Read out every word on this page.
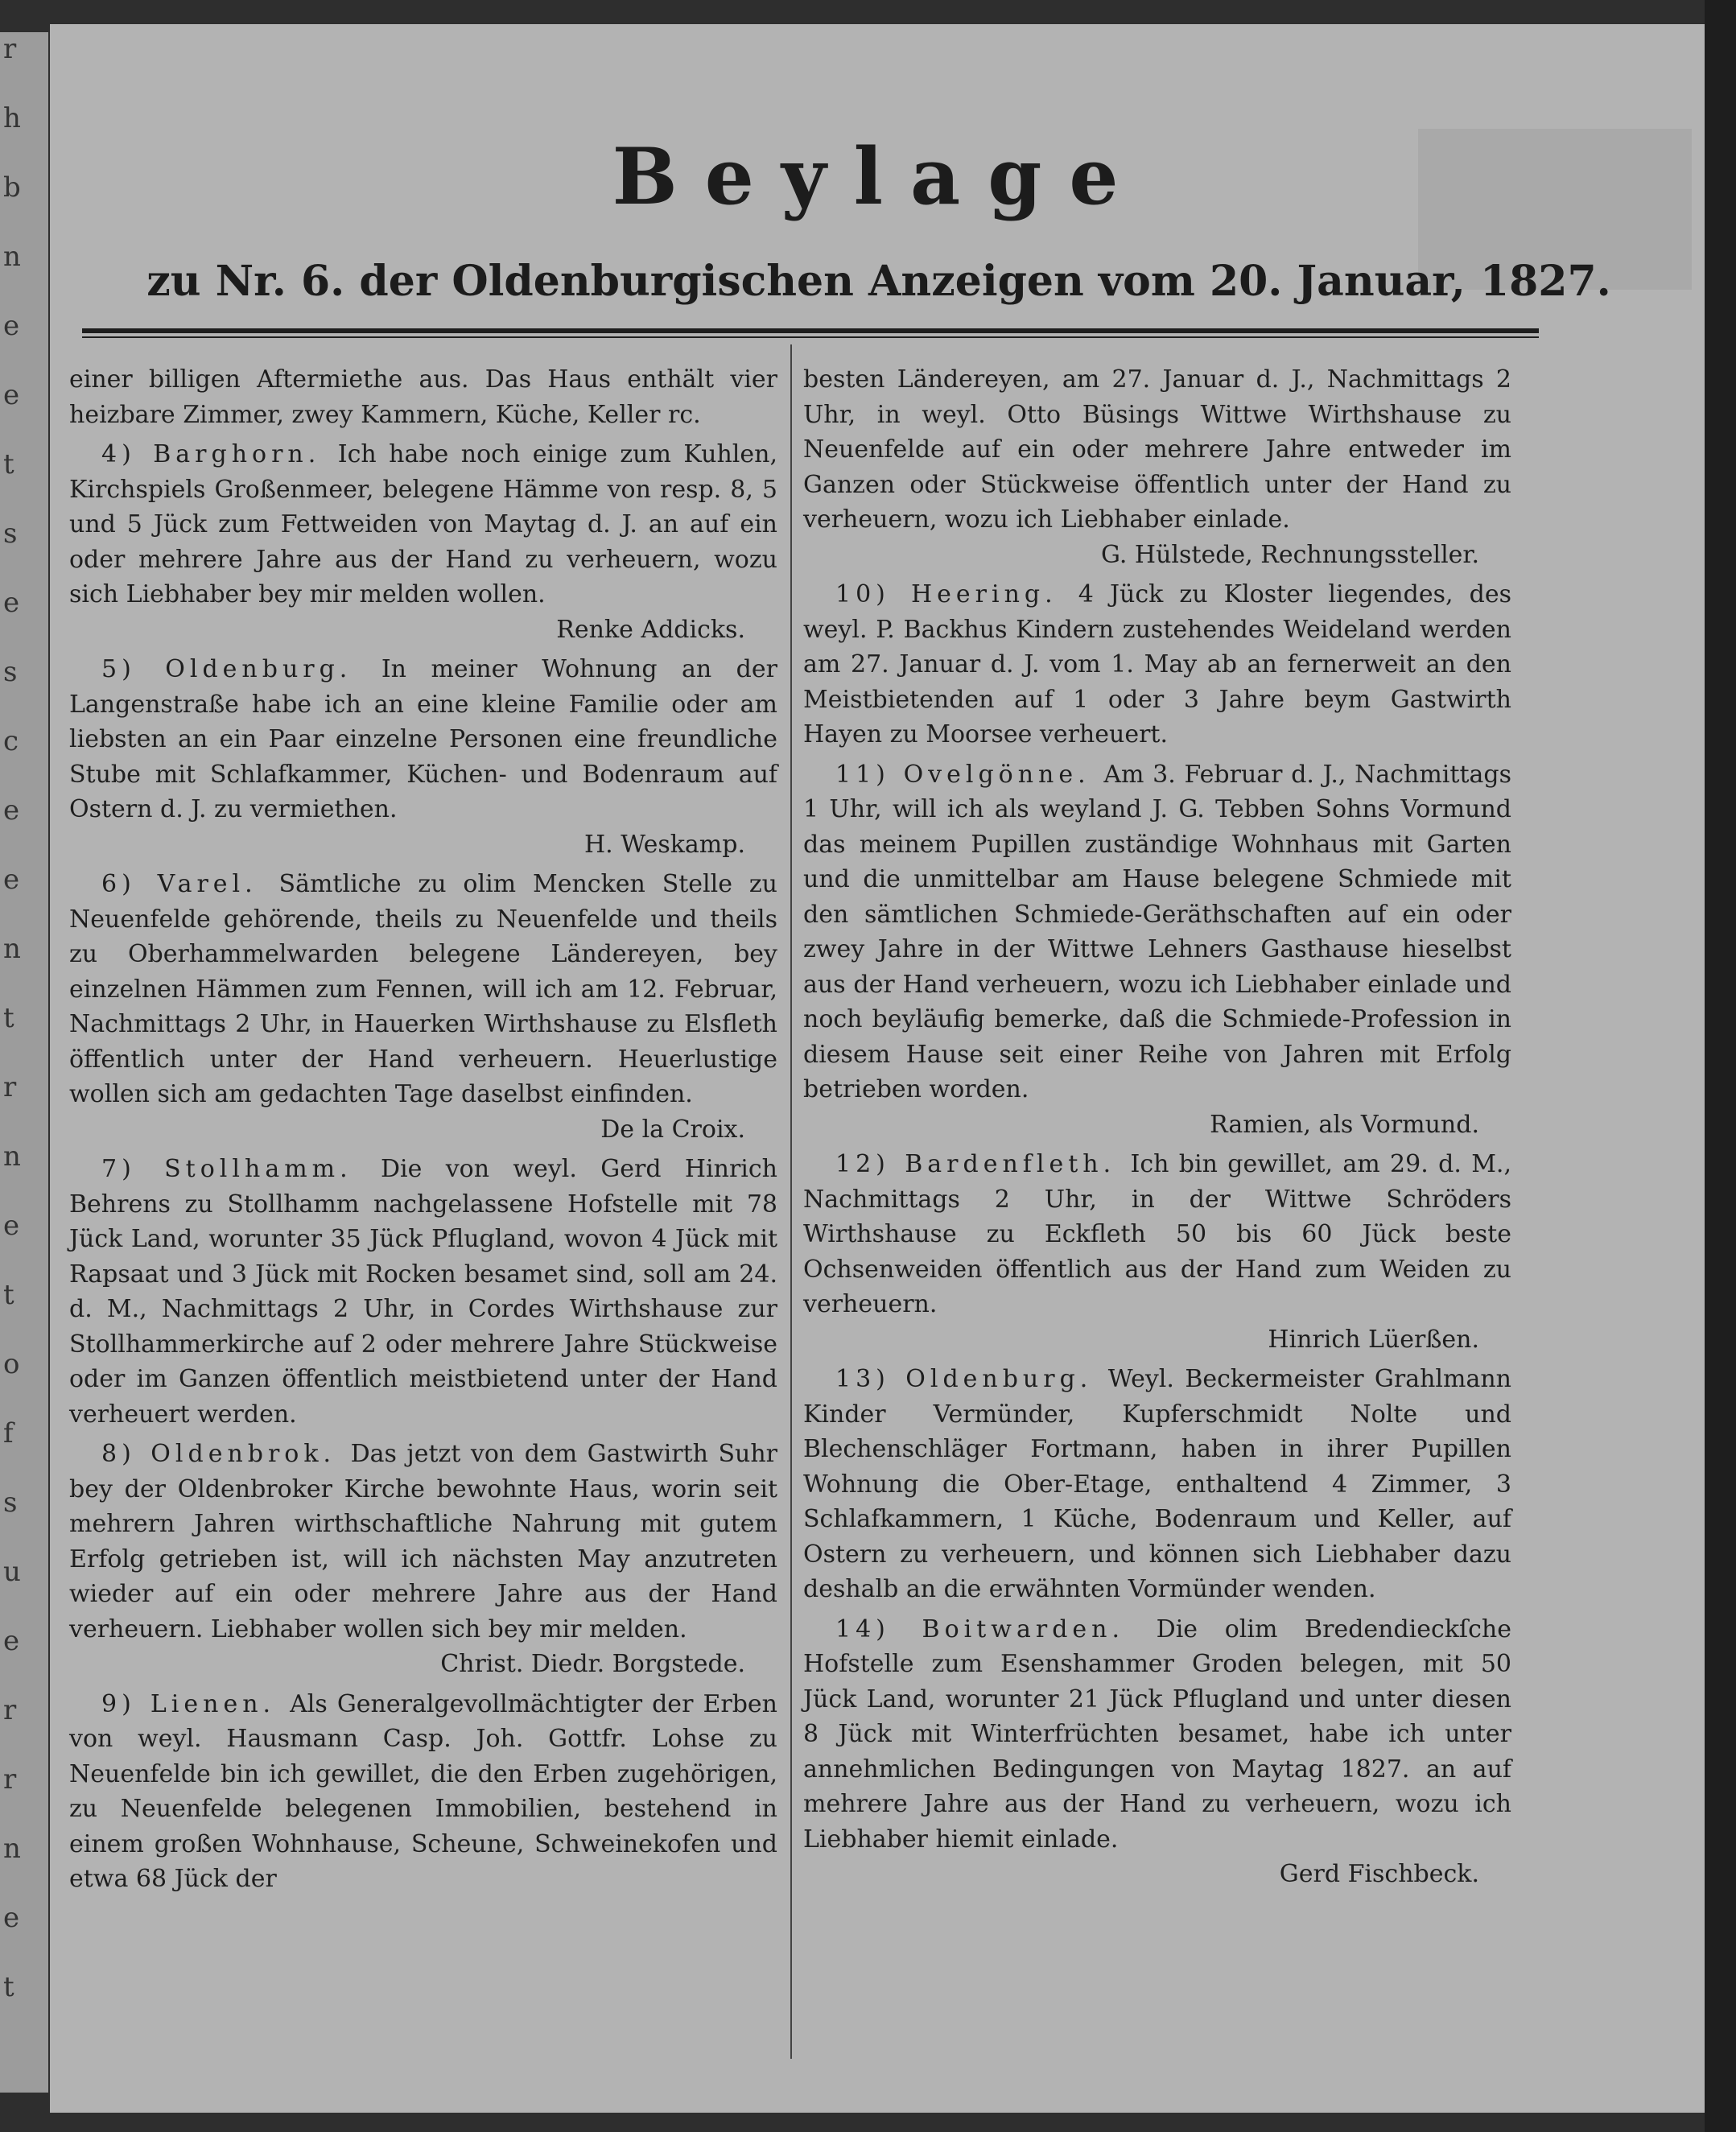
r
h
b
n
e
e
t
s
e
s
c
e
e
n
t
r
n
e
t
o
f
s
u
e
r
r
n
e
t
Beylage
zu Nr. 6. der Oldenburgischen Anzeigen vom 20. Januar, 1827.

einer billigen Aftermiethe aus. Das Haus enthält vier heizbare Zimmer, zwey Kammern, Küche, Keller rc.

4) Barghorn. Ich habe noch einige zum Kuhlen, Kirchspiels Großenmeer, belegene Hämme von resp. 8, 5 und 5 Jück zum Fettweiden von Maytag d. J. an auf ein oder mehrere Jahre aus der Hand zu verheuern, wozu sich Liebhaber bey mir melden wollen.
Renke Addicks.

5) Oldenburg. In meiner Wohnung an der Langenstraße habe ich an eine kleine Familie oder am liebsten an ein Paar einzelne Personen eine freundliche Stube mit Schlafkammer, Küchen- und Bodenraum auf Ostern d. J. zu vermiethen.
H. Weskamp.

6) Varel. Sämtliche zu olim Mencken Stelle zu Neuenfelde gehörende, theils zu Neuenfelde und theils zu Oberhammelwarden belegene Ländereyen, bey einzelnen Hämmen zum Fennen, will ich am 12. Februar, Nachmittags 2 Uhr, in Hauerken Wirthshause zu Elsfleth öffentlich unter der Hand verheuern. Heuerlustige wollen sich am gedachten Tage daselbst einfinden.
De la Croix.

7) Stollhamm. Die von weyl. Gerd Hinrich Behrens zu Stollhamm nachgelassene Hofstelle mit 78 Jück Land, worunter 35 Jück Pflugland, wovon 4 Jück mit Rapsaat und 3 Jück mit Rocken besamet sind, soll am 24. d. M., Nachmittags 2 Uhr, in Cordes Wirthshause zur Stollhammerkirche auf 2 oder mehrere Jahre Stückweise oder im Ganzen öffentlich meistbietend unter der Hand verheuert werden.

8) Oldenbrok. Das jetzt von dem Gastwirth Suhr bey der Oldenbroker Kirche bewohnte Haus, worin seit mehrern Jahren wirthschaftliche Nahrung mit gutem Erfolg getrieben ist, will ich nächsten May anzutreten wieder auf ein oder mehrere Jahre aus der Hand verheuern. Liebhaber wollen sich bey mir melden.
Christ. Diedr. Borgstede.

9) Lienen. Als Generalgevollmächtigter der Erben von weyl. Hausmann Casp. Joh. Gottfr. Lohse zu Neuenfelde bin ich gewillet, die den Erben zugehörigen, zu Neuenfelde belegenen Immobilien, bestehend in einem großen Wohnhause, Scheune, Schweinekofen und etwa 68 Jück der

besten Ländereyen, am 27. Januar d. J., Nachmittags 2 Uhr, in weyl. Otto Büsings Wittwe Wirthshause zu Neuenfelde auf ein oder mehrere Jahre entweder im Ganzen oder Stückweise öffentlich unter der Hand zu verheuern, wozu ich Liebhaber einlade.
G. Hülstede, Rechnungssteller.

10) Heering. 4 Jück zu Kloster liegendes, des weyl. P. Backhus Kindern zustehendes Weideland werden am 27. Januar d. J. vom 1. May ab an fernerweit an den Meistbietenden auf 1 oder 3 Jahre beym Gastwirth Hayen zu Moorsee verheuert.

11) Ovelgönne. Am 3. Februar d. J., Nachmittags 1 Uhr, will ich als weyland J. G. Tebben Sohns Vormund das meinem Pupillen zuständige Wohnhaus mit Garten und die unmittelbar am Hause belegene Schmiede mit den sämtlichen Schmiede-Geräthschaften auf ein oder zwey Jahre in der Wittwe Lehners Gasthause hieselbst aus der Hand verheuern, wozu ich Liebhaber einlade und noch beyläufig bemerke, daß die Schmiede-Profession in diesem Hause seit einer Reihe von Jahren mit Erfolg betrieben worden.
Ramien, als Vormund.

12) Bardenfleth. Ich bin gewillet, am 29. d. M., Nachmittags 2 Uhr, in der Wittwe Schröders Wirthshause zu Eckfleth 50 bis 60 Jück beste Ochsenweiden öffentlich aus der Hand zum Weiden zu verheuern.
Hinrich Lüerßen.

13) Oldenburg. Weyl. Beckermeister Grahlmann Kinder Vermünder, Kupferschmidt Nolte und Blechenschläger Fortmann, haben in ihrer Pupillen Wohnung die Ober-Etage, enthaltend 4 Zimmer, 3 Schlafkammern, 1 Küche, Bodenraum und Keller, auf Ostern zu verheuern, und können sich Liebhaber dazu deshalb an die erwähnten Vormünder wenden.

14) Boitwarden. Die olim Bredendieckſche Hofstelle zum Esenshammer Groden belegen, mit 50 Jück Land, worunter 21 Jück Pflugland und unter diesen 8 Jück mit Winterfrüchten besamet, habe ich unter annehmlichen Bedingungen von Maytag 1827. an auf mehrere Jahre aus der Hand zu verheuern, wozu ich Liebhaber hiemit einlade.
Gerd Fischbeck.
